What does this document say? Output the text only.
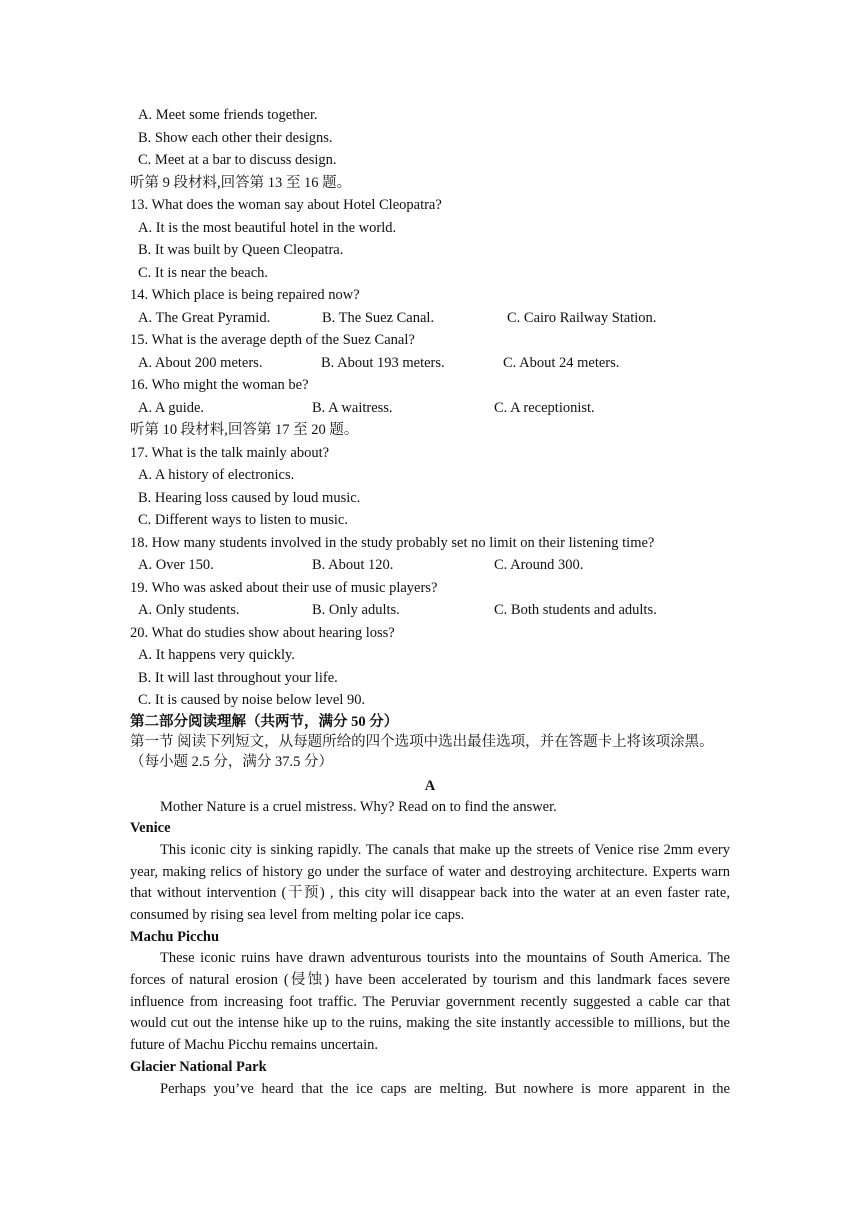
A. Meet some friends together.
B. Show each other their designs.
C. Meet at a bar to discuss design.
听第 9 段材料,回答第 13 至 16 题。
13. What does the woman say about Hotel Cleopatra?
A. It is the most beautiful hotel in the world.
B. It was built by Queen Cleopatra.
C. It is near the beach.
14. Which place is being repaired now?
A. The Great Pyramid.	B. The Suez Canal.	C. Cairo Railway Station.
15. What is the average depth of the Suez Canal?
A. About 200 meters.	B. About 193 meters.	C. About 24 meters.
16. Who might the woman be?
A. A guide.	B. A waitress.	C. A receptionist.
听第 10 段材料,回答第 17 至 20 题。
17. What is the talk mainly about?
A. A history of electronics.
B. Hearing loss caused by loud music.
C. Different ways to listen to music.
18. How many students involved in the study probably set no limit on their listening time?
A. Over 150.	B. About 120.	C. Around 300.
19. Who was asked about their use of music players?
A. Only students.	B. Only adults.	C. Both students and adults.
20. What do studies show about hearing loss?
A. It happens very quickly.
B. It will last throughout your life.
C. It is caused by noise below level 90.
第二部分阅读理解（共两节，满分 50 分）

第一节 阅读下列短文，从每题所给的四个选项中选出最佳选项，并在答题卡上将该项涂黑。（每小题 2.5 分，满分 37.5 分）

A
Mother Nature is a cruel mistress. Why? Read on to find the answer.
Venice

This iconic city is sinking rapidly. The canals that make up the streets of Venice rise 2mm every year, making relics of history go under the surface of water and destroying architecture. Experts warn that without intervention (干预) , this city will disappear back into the water at an even faster rate, consumed by rising sea level from melting polar ice caps.

Machu Picchu

These iconic ruins have drawn adventurous tourists into the mountains of South America. The forces of natural erosion (侵蚀) have been accelerated by tourism and this landmark faces severe influence from increasing foot traffic. The Peruviar government recently suggested a cable car that would cut out the intense hike up to the ruins, making the site instantly accessible to millions, but the future of Machu Picchu remains uncertain.

Glacier National Park

Perhaps you’ve heard that the ice caps are melting. But nowhere is more apparent in the
